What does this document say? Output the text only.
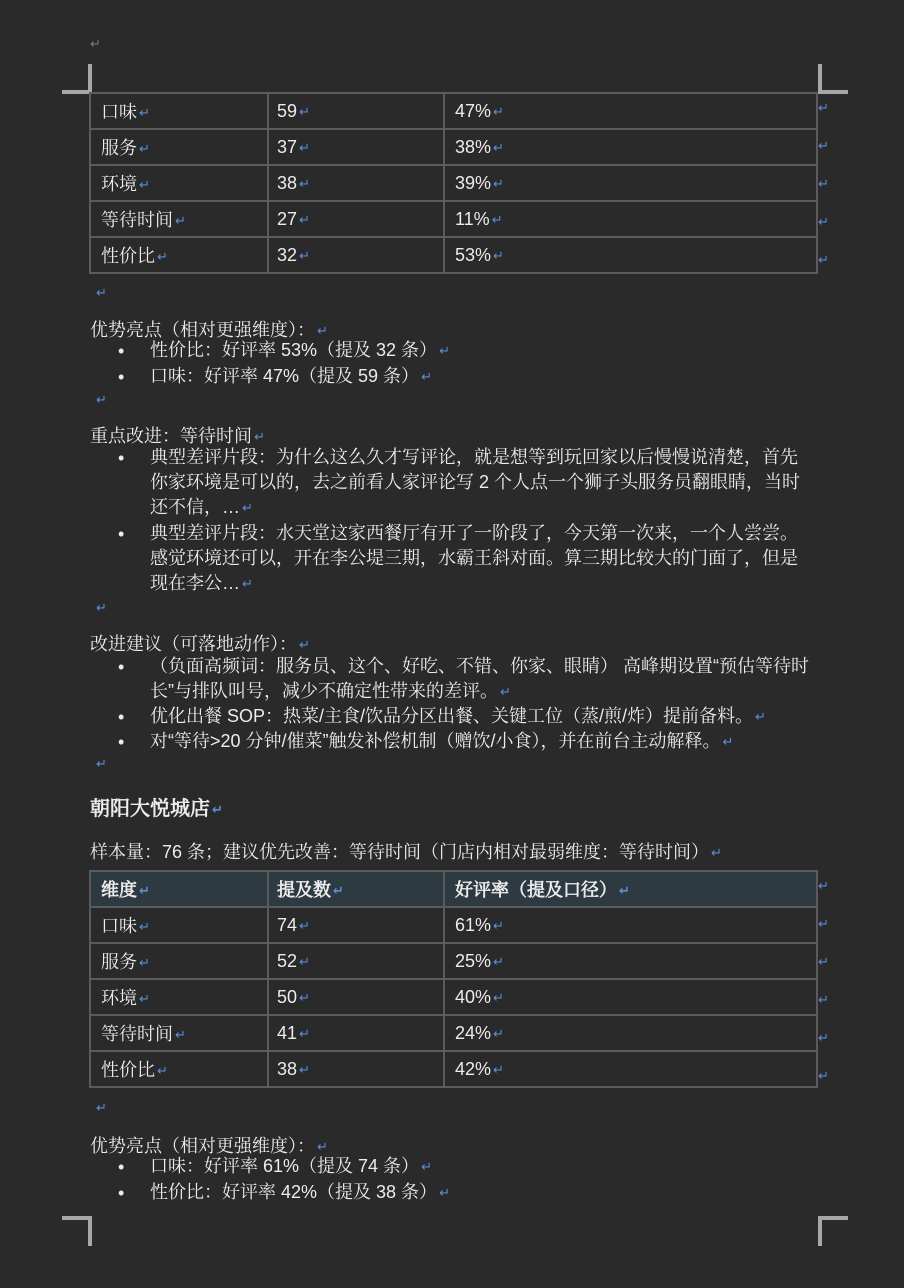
↵
口味 ↵	59 ↵	47% ↵
服务 ↵	37 ↵	38% ↵
环境 ↵	38 ↵	39% ↵
等待时间 ↵	27 ↵	11% ↵
性价比 ↵	32 ↵	53% ↵
↵
↵
↵
↵
↵
↵
优势亮点（相对更强维度）： ↵
• 性价比：好评率 53%（提及 32 条） ↵
• 口味：好评率 47%（提及 59 条） ↵
↵
重点改进：等待时间 ↵
• 典型差评片段：为什么这么久才写评论，就是想等到玩回家以后慢慢说清楚，首先你家环境是可以的，去之前看人家评论写 2 个人点一个狮子头服务员翻眼睛，当时还不信，… ↵
• 典型差评片段：水天堂这家西餐厅有开了一阶段了，今天第一次来，一个人尝尝。感觉环境还可以，开在李公堤三期，水霸王斜对面。算三期比较大的门面了，但是现在李公… ↵
↵
改进建议（可落地动作）： ↵
• （负面高频词：服务员、这个、好吃、不错、你家、眼睛） 高峰期设置“预估等待时长”与排队叫号，减少不确定性带来的差评。 ↵
• 优化出餐 SOP：热菜/主食/饮品分区出餐、关键工位（蒸/煎/炸）提前备料。 ↵
• 对“等待>20 分钟/催菜”触发补偿机制（赠饮/小食），并在前台主动解释。 ↵
↵
朝阳大悦城店 ↵
样本量：76 条；建议优先改善：等待时间（门店内相对最弱维度：等待时间） ↵
维度 ↵	提及数 ↵	好评率（提及口径） ↵
口味 ↵	74 ↵	61% ↵
服务 ↵	52 ↵	25% ↵
环境 ↵	50 ↵	40% ↵
等待时间 ↵	41 ↵	24% ↵
性价比 ↵	38 ↵	42% ↵
↵
↵
↵
↵
↵
↵
↵
优势亮点（相对更强维度）： ↵
• 口味：好评率 61%（提及 74 条） ↵
• 性价比：好评率 42%（提及 38 条） ↵
